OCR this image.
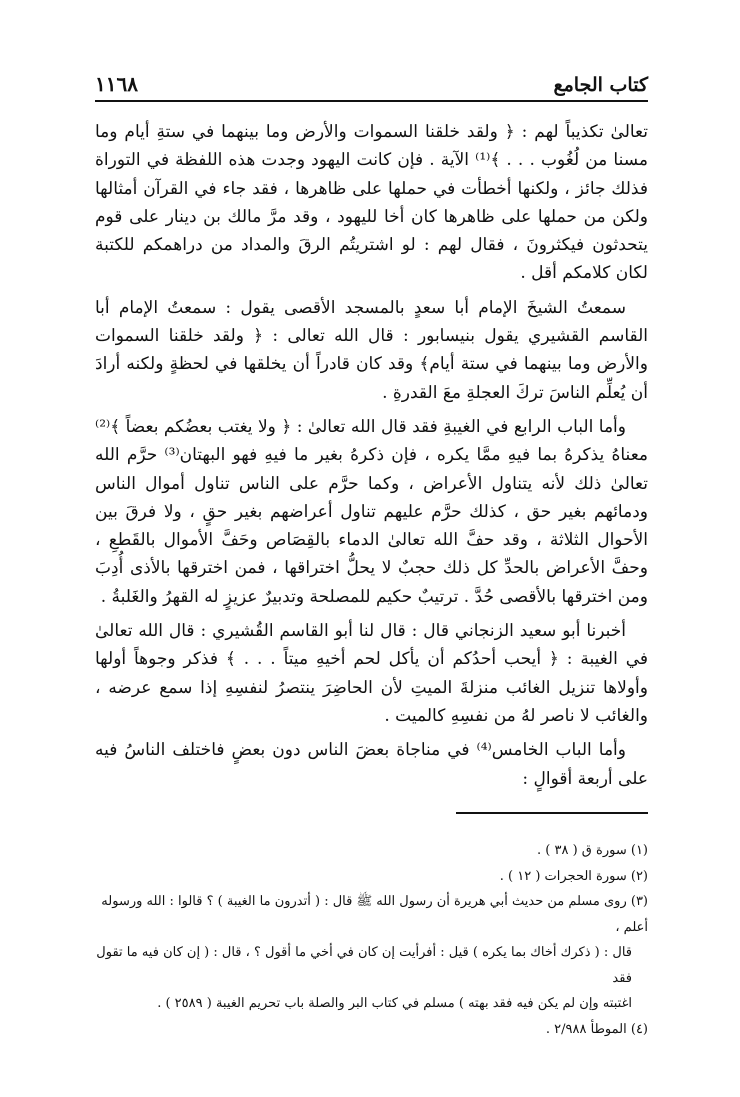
كتاب الجامع
١١٦٨

تعالىٰ تكذيباً لهم : ﴿ ولقد خلقنا السموات والأرض وما بينهما في ستةِ أيام وما مسنا من لُغُوب . . . ﴾⁽¹⁾ الآية . فإن كانت اليهود وجدت هذه اللفظة في التوراة فذلك جائز ، ولكنها أخطأت في حملها على ظاهرها ، فقد جاء في القرآن أمثالها ولكن من حملها على ظاهرها كان أخا لليهود ، وقد مرَّ مالك بن دينار على قوم يتحدثون فيكثرونَ ، فقال لهم : لو اشتريتُم الرقَ والمداد من دراهمكم للكتبة لكان كلامكم أقل .

سمعتُ الشيخَ الإمام أبا سعدٍ بالمسجد الأقصى يقول : سمعتُ الإمام أبا القاسم القشيري يقول بنيسابور : قال الله تعالى : ﴿ ولقد خلقنا السموات والأرض وما بينهما في ستة أيام﴾ وقد كان قادراً أن يخلقها في لحظةٍ ولكنه أرادَ أن يُعلِّم الناسَ تركَ العجلةِ معَ القدرةِ .

وأما الباب الرابع في الغيبةِ فقد قال الله تعالىٰ : ﴿ ولا يغتب بعضُكم بعضاً ﴾⁽²⁾ معناهُ يذكرهُ بما فيهِ ممَّا يكره ، فإن ذكرهُ بغير ما فيهِ فهو البهتان⁽³⁾ حرَّم الله تعالىٰ ذلك لأنه يتناول الأعراض ، وكما حرَّم على الناس تناول أموال الناس ودمائهم بغير حق ، كذلك حرَّم عليهم تناول أعراضهم بغير حقٍ ، ولا فرقَ بين الأحوال الثلاثة ، وقد حفَّ الله تعالىٰ الدماء بالقِصَاص وحَفَّ الأموال بالقَطعِ ، وحفَّ الأعراض بالحدِّ كل ذلك حجبٌ لا يحلُّ اختراقها ، فمن اخترقها بالأذى أُدِبَ ومن اخترقها بالأقصى حُدَّ . ترتيبٌ حكيم للمصلحة وتدبيرٌ عزيزٍ له القهرُ والغَلبةُ .

أخبرنا أبو سعيد الزنجاني قال : قال لنا أبو القاسم القُشيري : قال الله تعالىٰ في الغيبة : ﴿ أيحب أحدُكم أن يأكل لحم أخيهِ ميتاً . . . ﴾ فذكر وجوهاً أولها وأولاها تنزيل الغائب منزلةَ الميتِ لأن الحاضِرَ ينتصرُ لنفسِهِ إذا سمع عرضه ، والغائب لا ناصر لهُ من نفسِهِ كالميت .

وأما الباب الخامس⁽⁴⁾ في مناجاة بعضَ الناس دون بعضٍ فاختلف الناسُ فيه على أربعة أقوالٍ :

(١) سورة ق ( ٣٨ ) .
(٢) سورة الحجرات ( ١٢ ) .
(٣) روى مسلم من حديث أبي هريرة أن رسول الله ﷺ قال : ( أتدرون ما الغيبة ) ؟ قالوا : الله ورسوله أعلم ،
قال : ( ذكرك أخاك بما يكره ) قيل : أفرأيت إن كان في أخي ما أقول ؟ ، قال : ( إن كان فيه ما تقول فقد
اغتبته وإن لم يكن فيه فقد بهته ) مسلم في كتاب البر والصلة باب تحريم الغيبة ( ٢٥٨٩ ) .
(٤) الموطأ ٢/٩٨٨ .
